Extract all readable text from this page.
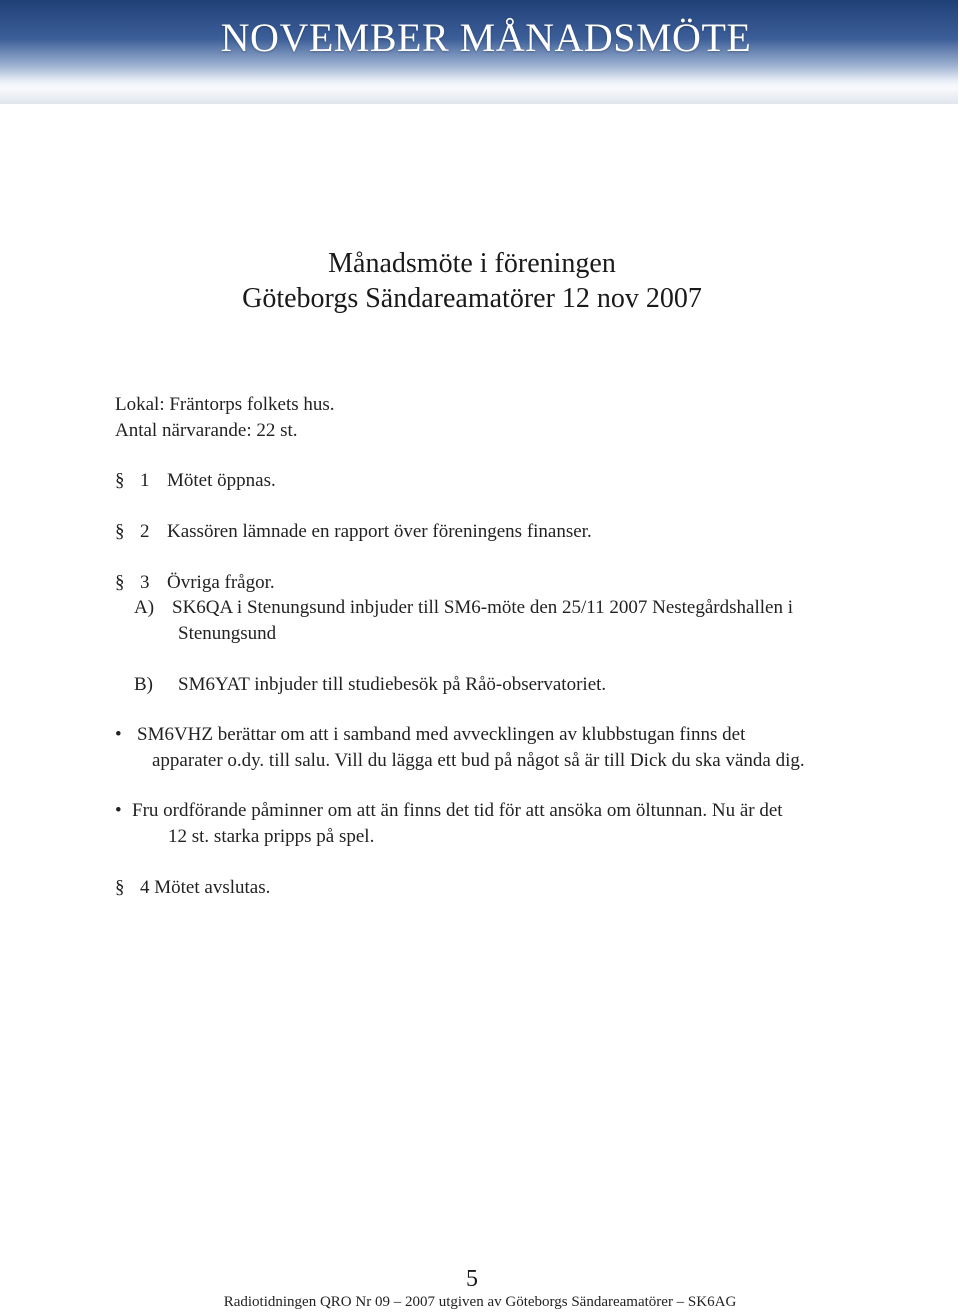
NOVEMBER MÅNADSMÖTE
Månadsmöte i föreningen
Göteborgs Sändareamatörer 12 nov 2007
Lokal: Fräntorps folkets hus.
Antal närvarande: 22 st.
§ 1 Mötet öppnas.
§ 2 Kassören lämnade en rapport över föreningens finanser.
§ 3 Övriga frågor.
A) SK6QA i Stenungsund inbjuder till SM6-möte den 25/11 2007 Nestegårdshallen i
Stenungsund
B) SM6YAT inbjuder till studiebesök på Råö-observatoriet.
• SM6VHZ berättar om att i samband med avvecklingen av klubbstugan finns det
apparater o.dy. till salu. Vill du lägga ett bud på något så är till Dick du ska vända dig.
• Fru ordförande påminner om att än finns det tid för att ansöka om öltunnan. Nu är det
12 st. starka pripps på spel.
§ 4 Mötet avslutas.
5
Radiotidningen QRO Nr 09 – 2007 utgiven av Göteborgs Sändareamatörer – SK6AG
